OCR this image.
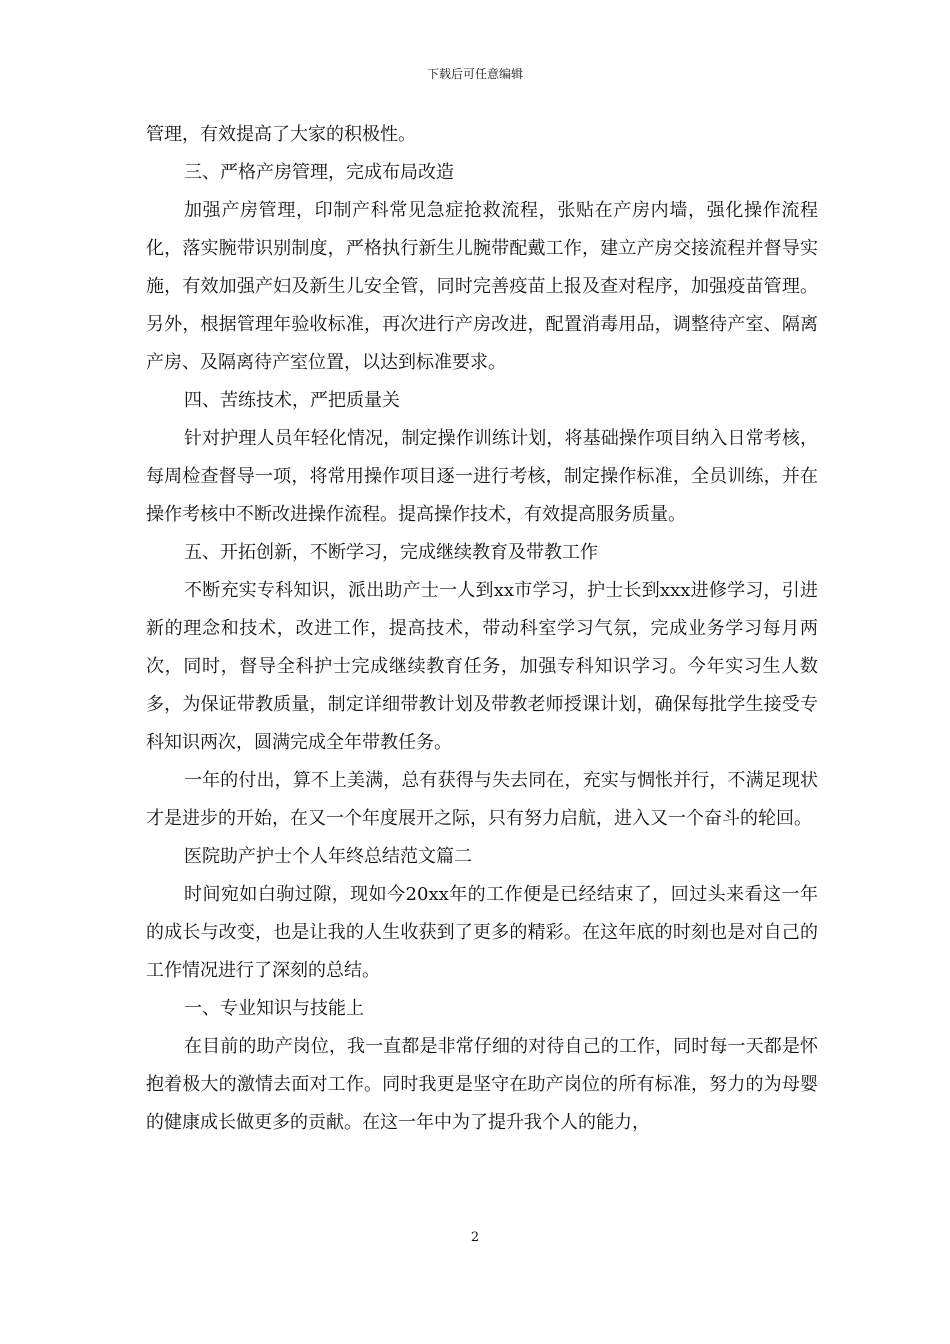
下载后可任意编辑

管理，有效提高了大家的积极性。

三、严格产房管理，完成布局改造

加强产房管理，印制产科常见急症抢救流程，张贴在产房内墙，强化操作流程化，落实腕带识别制度，严格执行新生儿腕带配戴工作，建立产房交接流程并督导实施，有效加强产妇及新生儿安全管，同时完善疫苗上报及查对程序，加强疫苗管理。另外，根据管理年验收标准，再次进行产房改进，配置消毒用品，调整待产室、隔离产房、及隔离待产室位置，以达到标准要求。

四、苦练技术，严把质量关

针对护理人员年轻化情况，制定操作训练计划，将基础操作项目纳入日常考核，每周检查督导一项，将常用操作项目逐一进行考核，制定操作标准，全员训练，并在操作考核中不断改进操作流程。提高操作技术，有效提高服务质量。

五、开拓创新，不断学习，完成继续教育及带教工作

不断充实专科知识，派出助产士一人到xx市学习，护士长到xxx进修学习，引进新的理念和技术，改进工作，提高技术，带动科室学习气氛，完成业务学习每月两次，同时，督导全科护士完成继续教育任务，加强专科知识学习。今年实习生人数多，为保证带教质量，制定详细带教计划及带教老师授课计划，确保每批学生接受专科知识两次，圆满完成全年带教任务。

一年的付出，算不上美满，总有获得与失去同在，充实与惆怅并行，不满足现状才是进步的开始，在又一个年度展开之际，只有努力启航，进入又一个奋斗的轮回。

医院助产护士个人年终总结范文篇二

时间宛如白驹过隙，现如今20xx年的工作便是已经结束了，回过头来看这一年的成长与改变，也是让我的人生收获到了更多的精彩。在这年底的时刻也是对自己的工作情况进行了深刻的总结。

一、专业知识与技能上

在目前的助产岗位，我一直都是非常仔细的对待自己的工作，同时每一天都是怀抱着极大的激情去面对工作。同时我更是坚守在助产岗位的所有标准，努力的为母婴的健康成长做更多的贡献。在这一年中为了提升我个人的能力，

2
